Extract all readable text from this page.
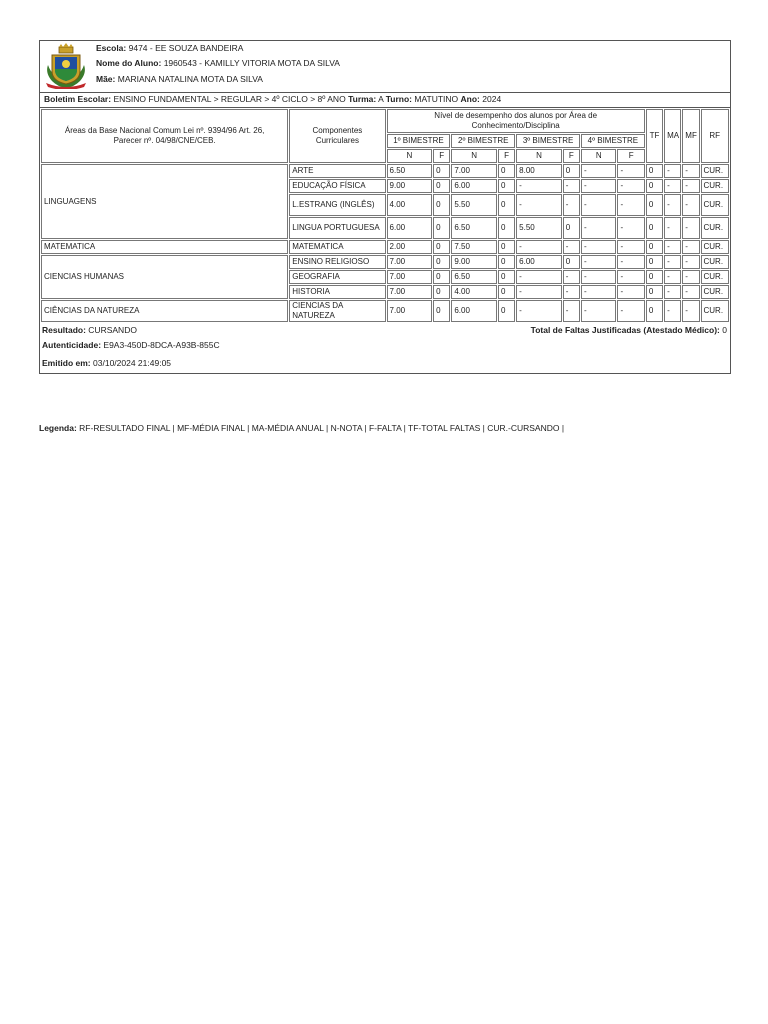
Escola: 9474 - EE SOUZA BANDEIRA
Nome do Aluno: 1960543 - KAMILLY VITORIA MOTA DA SILVA
Mãe: MARIANA NATALINA MOTA DA SILVA
Boletim Escolar: ENSINO FUNDAMENTAL > REGULAR > 4º CICLO > 8º ANO Turma: A Turno: MATUTINO Ano: 2024
Áreas da Base Nacional Comum Lei nº. 9394/96 Art. 26, Parecer nº. 04/98/CNE/CEB.	Componentes Curriculares	Nível de desempenho dos alunos por Área de Conhecimento/Disciplina								TF	MA	MF	RF
		1º BIMESTRE		2º BIMESTRE		3º BIMESTRE		4º BIMESTRE					
		N	F	N	F	N	F	N	F				
LINGUAGENS	ARTE	6.50	0	7.00	0	8.00	0	-	-	0	-	-	CUR.
	EDUCAÇÃO FÍSICA	9.00	0	6.00	0	-	-	-	-	0	-	-	CUR.
	L.ESTRANG (INGLÊS)	4.00	0	5.50	0	-	-	-	-	0	-	-	CUR.
	LINGUA PORTUGUESA	6.00	0	6.50	0	5.50	0	-	-	0	-	-	CUR.
MATEMATICA	MATEMATICA	2.00	0	7.50	0	-	-	-	-	0	-	-	CUR.
CIENCIAS HUMANAS	ENSINO RELIGIOSO	7.00	0	9.00	0	6.00	0	-	-	0	-	-	CUR.
	GEOGRAFIA	7.00	0	6.50	0	-	-	-	-	0	-	-	CUR.
	HISTORIA	7.00	0	4.00	0	-	-	-	-	0	-	-	CUR.
CIÊNCIAS DA NATUREZA	CIENCIAS DA NATUREZA	7.00	0	6.00	0	-	-	-	-	0	-	-	CUR.
Resultado: CURSANDO	Total de Faltas Justificadas (Atestado Médico): 0
Autenticidade: E9A3-450D-8DCA-A93B-855C
Emitido em: 03/10/2024 21:49:05
Legenda: RF-RESULTADO FINAL | MF-MÉDIA FINAL | MA-MÉDIA ANUAL | N-NOTA | F-FALTA | TF-TOTAL FALTAS | CUR.-CURSANDO |
